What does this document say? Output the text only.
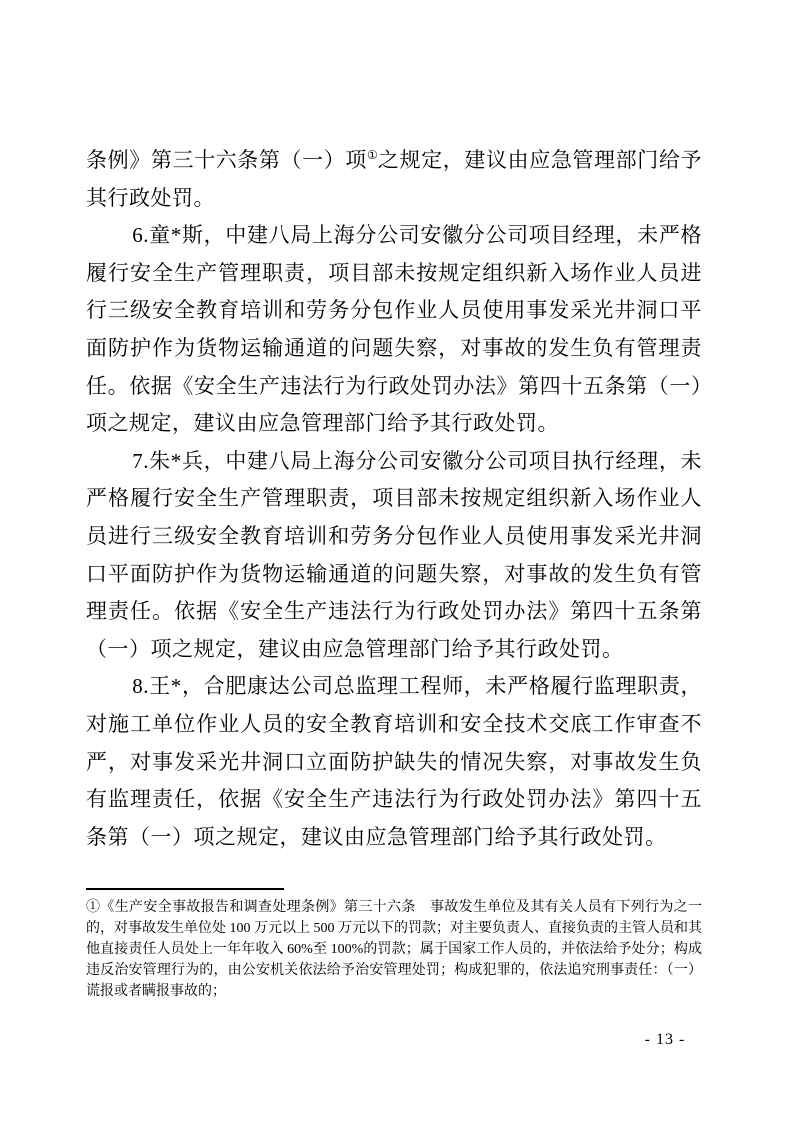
条例》第三十六条第（一）项①之规定，建议由应急管理部门给予其行政处罚。

6.童*斯，中建八局上海分公司安徽分公司项目经理，未严格履行安全生产管理职责，项目部未按规定组织新入场作业人员进行三级安全教育培训和劳务分包作业人员使用事发采光井洞口平面防护作为货物运输通道的问题失察，对事故的发生负有管理责任。依据《安全生产违法行为行政处罚办法》第四十五条第（一）项之规定，建议由应急管理部门给予其行政处罚。

7.朱*兵，中建八局上海分公司安徽分公司项目执行经理，未严格履行安全生产管理职责，项目部未按规定组织新入场作业人员进行三级安全教育培训和劳务分包作业人员使用事发采光井洞口平面防护作为货物运输通道的问题失察，对事故的发生负有管理责任。依据《安全生产违法行为行政处罚办法》第四十五条第（一）项之规定，建议由应急管理部门给予其行政处罚。

8.王*，合肥康达公司总监理工程师，未严格履行监理职责，对施工单位作业人员的安全教育培训和安全技术交底工作审查不严，对事发采光井洞口立面防护缺失的情况失察，对事故发生负有监理责任，依据《安全生产违法行为行政处罚办法》第四十五条第（一）项之规定，建议由应急管理部门给予其行政处罚。

①《生产安全事故报告和调查处理条例》第三十六条　事故发生单位及其有关人员有下列行为之一的，对事故发生单位处 100 万元以上 500 万元以下的罚款；对主要负责人、直接负责的主管人员和其他直接责任人员处上一年年收入 60%至 100%的罚款；属于国家工作人员的，并依法给予处分；构成违反治安管理行为的，由公安机关依法给予治安管理处罚；构成犯罪的，依法追究刑事责任：（一）谎报或者瞒报事故的；
- 13 -
